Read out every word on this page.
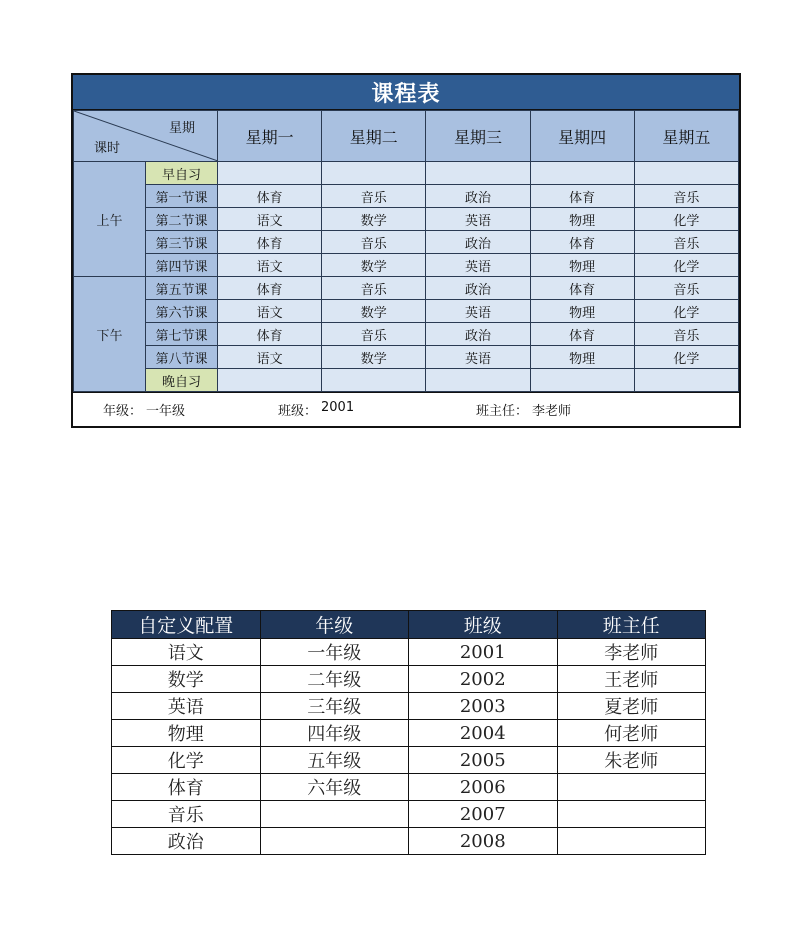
课程表
星期
课时		星期一	星期二	星期三	星期四	星期五
上午	早自习					
	第一节课	体育	音乐	政治	体育	音乐
	第二节课	语文	数学	英语	物理	化学
	第三节课	体育	音乐	政治	体育	音乐
	第四节课	语文	数学	英语	物理	化学
下午	第五节课	体育	音乐	政治	体育	音乐
	第六节课	语文	数学	英语	物理	化学
	第七节课	体育	音乐	政治	体育	音乐
	第八节课	语文	数学	英语	物理	化学
	晚自习					
年级： 一年级	班级： 2001	班主任： 李老师
自定义配置	年级	班级	班主任
语文	一年级	2001	李老师
数学	二年级	2002	王老师
英语	三年级	2003	夏老师
物理	四年级	2004	何老师
化学	五年级	2005	朱老师
体育	六年级	2006	
音乐		2007	
政治		2008	
